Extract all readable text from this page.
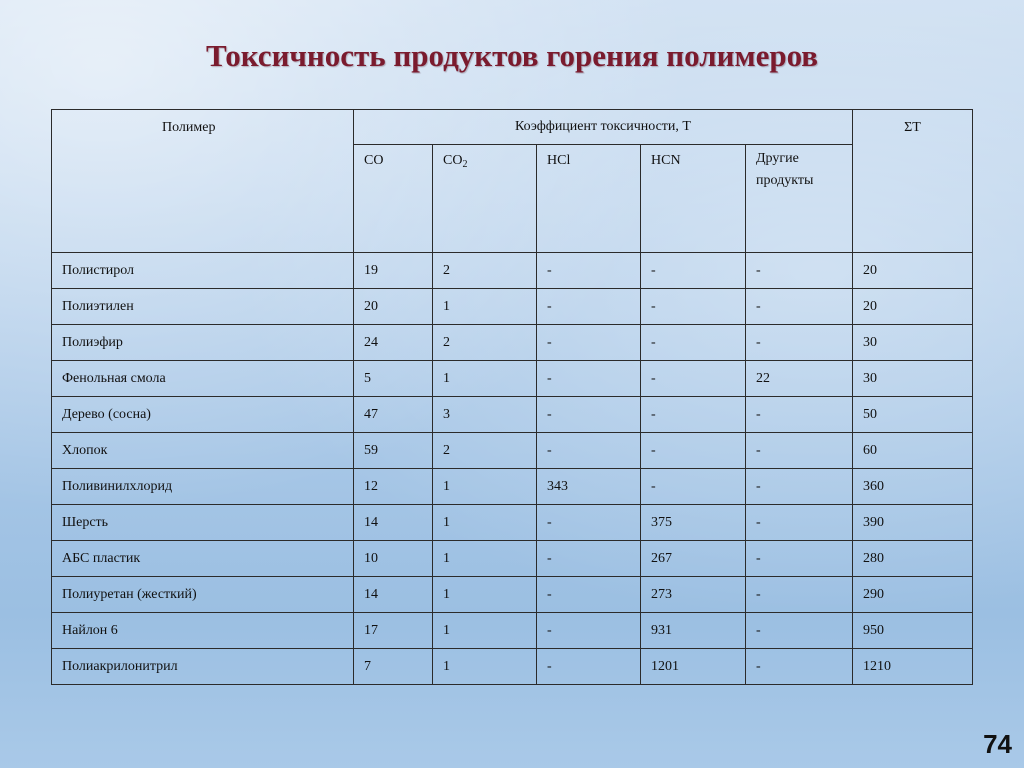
Токсичность продуктов горения полимеров
Полимер	Коэффициент токсичности, Т					ΣТ
	CO	$CO_2$	HCl	HCN	Другие продукты	
Полистирол	19	2	-	-	-	20
Полиэтилен	20	1	-	-	-	20
Полиэфир	24	2	-	-	-	30
Фенольная смола	5	1	-	-	22	30
Дерево (сосна)	47	3	-	-	-	50
Хлопок	59	2	-	-	-	60
Поливинилхлорид	12	1	343	-	-	360
Шерсть	14	1	-	375	-	390
АБС пластик	10	1	-	267	-	280
Полиуретан (жесткий)	14	1	-	273	-	290
Найлон 6	17	1	-	931	-	950
Полиакрилонитрил	7	1	-	1201	-	1210
74
